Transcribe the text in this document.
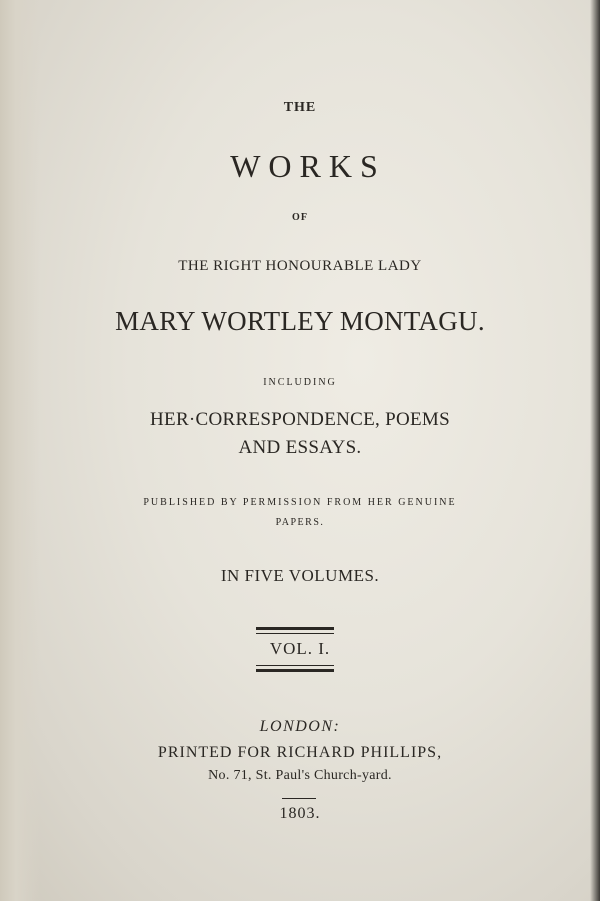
THE
WORKS
OF
THE RIGHT HONOURABLE LADY
MARY WORTLEY MONTAGU.
INCLUDING
HER·CORRESPONDENCE, POEMS
AND ESSAYS.
PUBLISHED BY PERMISSION FROM HER GENUINE
PAPERS.
IN FIVE VOLUMES.
VOL. I.
LONDON:
PRINTED FOR RICHARD PHILLIPS,
No. 71, St. Paul's Church-yard.
1803.
